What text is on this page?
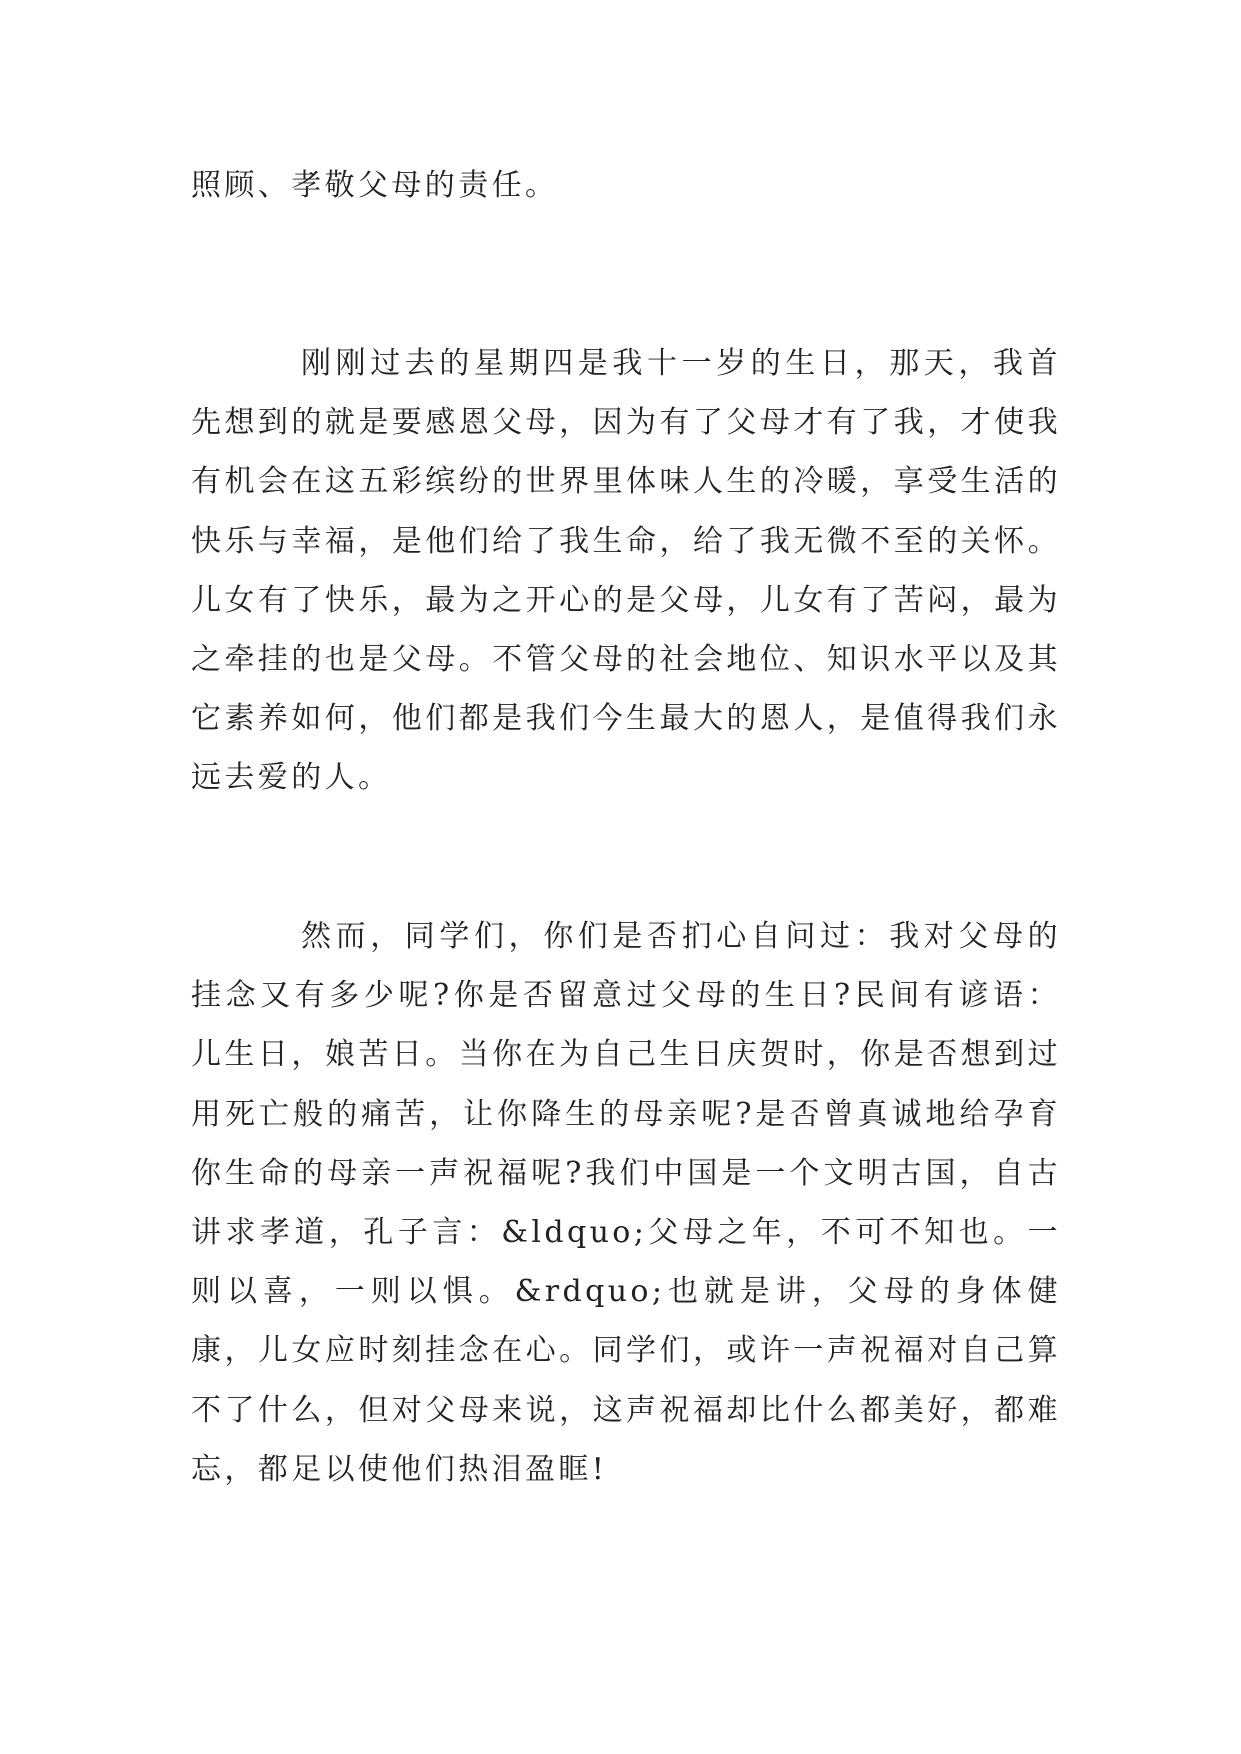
照顾、孝敬父母的责任。

刚刚过去的星期四是我十一岁的生日，那天，我首先想到的就是要感恩父母，因为有了父母才有了我，才使我有机会在这五彩缤纷的世界里体味人生的冷暖，享受生活的快乐与幸福，是他们给了我生命，给了我无微不至的关怀。儿女有了快乐，最为之开心的是父母，儿女有了苦闷，最为之牵挂的也是父母。不管父母的社会地位、知识水平以及其它素养如何，他们都是我们今生最大的恩人，是值得我们永远去爱的人。

然而，同学们，你们是否扪心自问过：我对父母的挂念又有多少呢?你是否留意过父母的生日?民间有谚语：儿生日，娘苦日。当你在为自己生日庆贺时，你是否想到过用死亡般的痛苦，让你降生的母亲呢?是否曾真诚地给孕育你生命的母亲一声祝福呢?我们中国是一个文明古国，自古讲求孝道，孔子言：&ldquo;父母之年，不可不知也。一则以喜，一则以惧。&rdquo;也就是讲，父母的身体健康，儿女应时刻挂念在心。同学们，或许一声祝福对自己算不了什么，但对父母来说，这声祝福却比什么都美好，都难忘，都足以使他们热泪盈眶!
